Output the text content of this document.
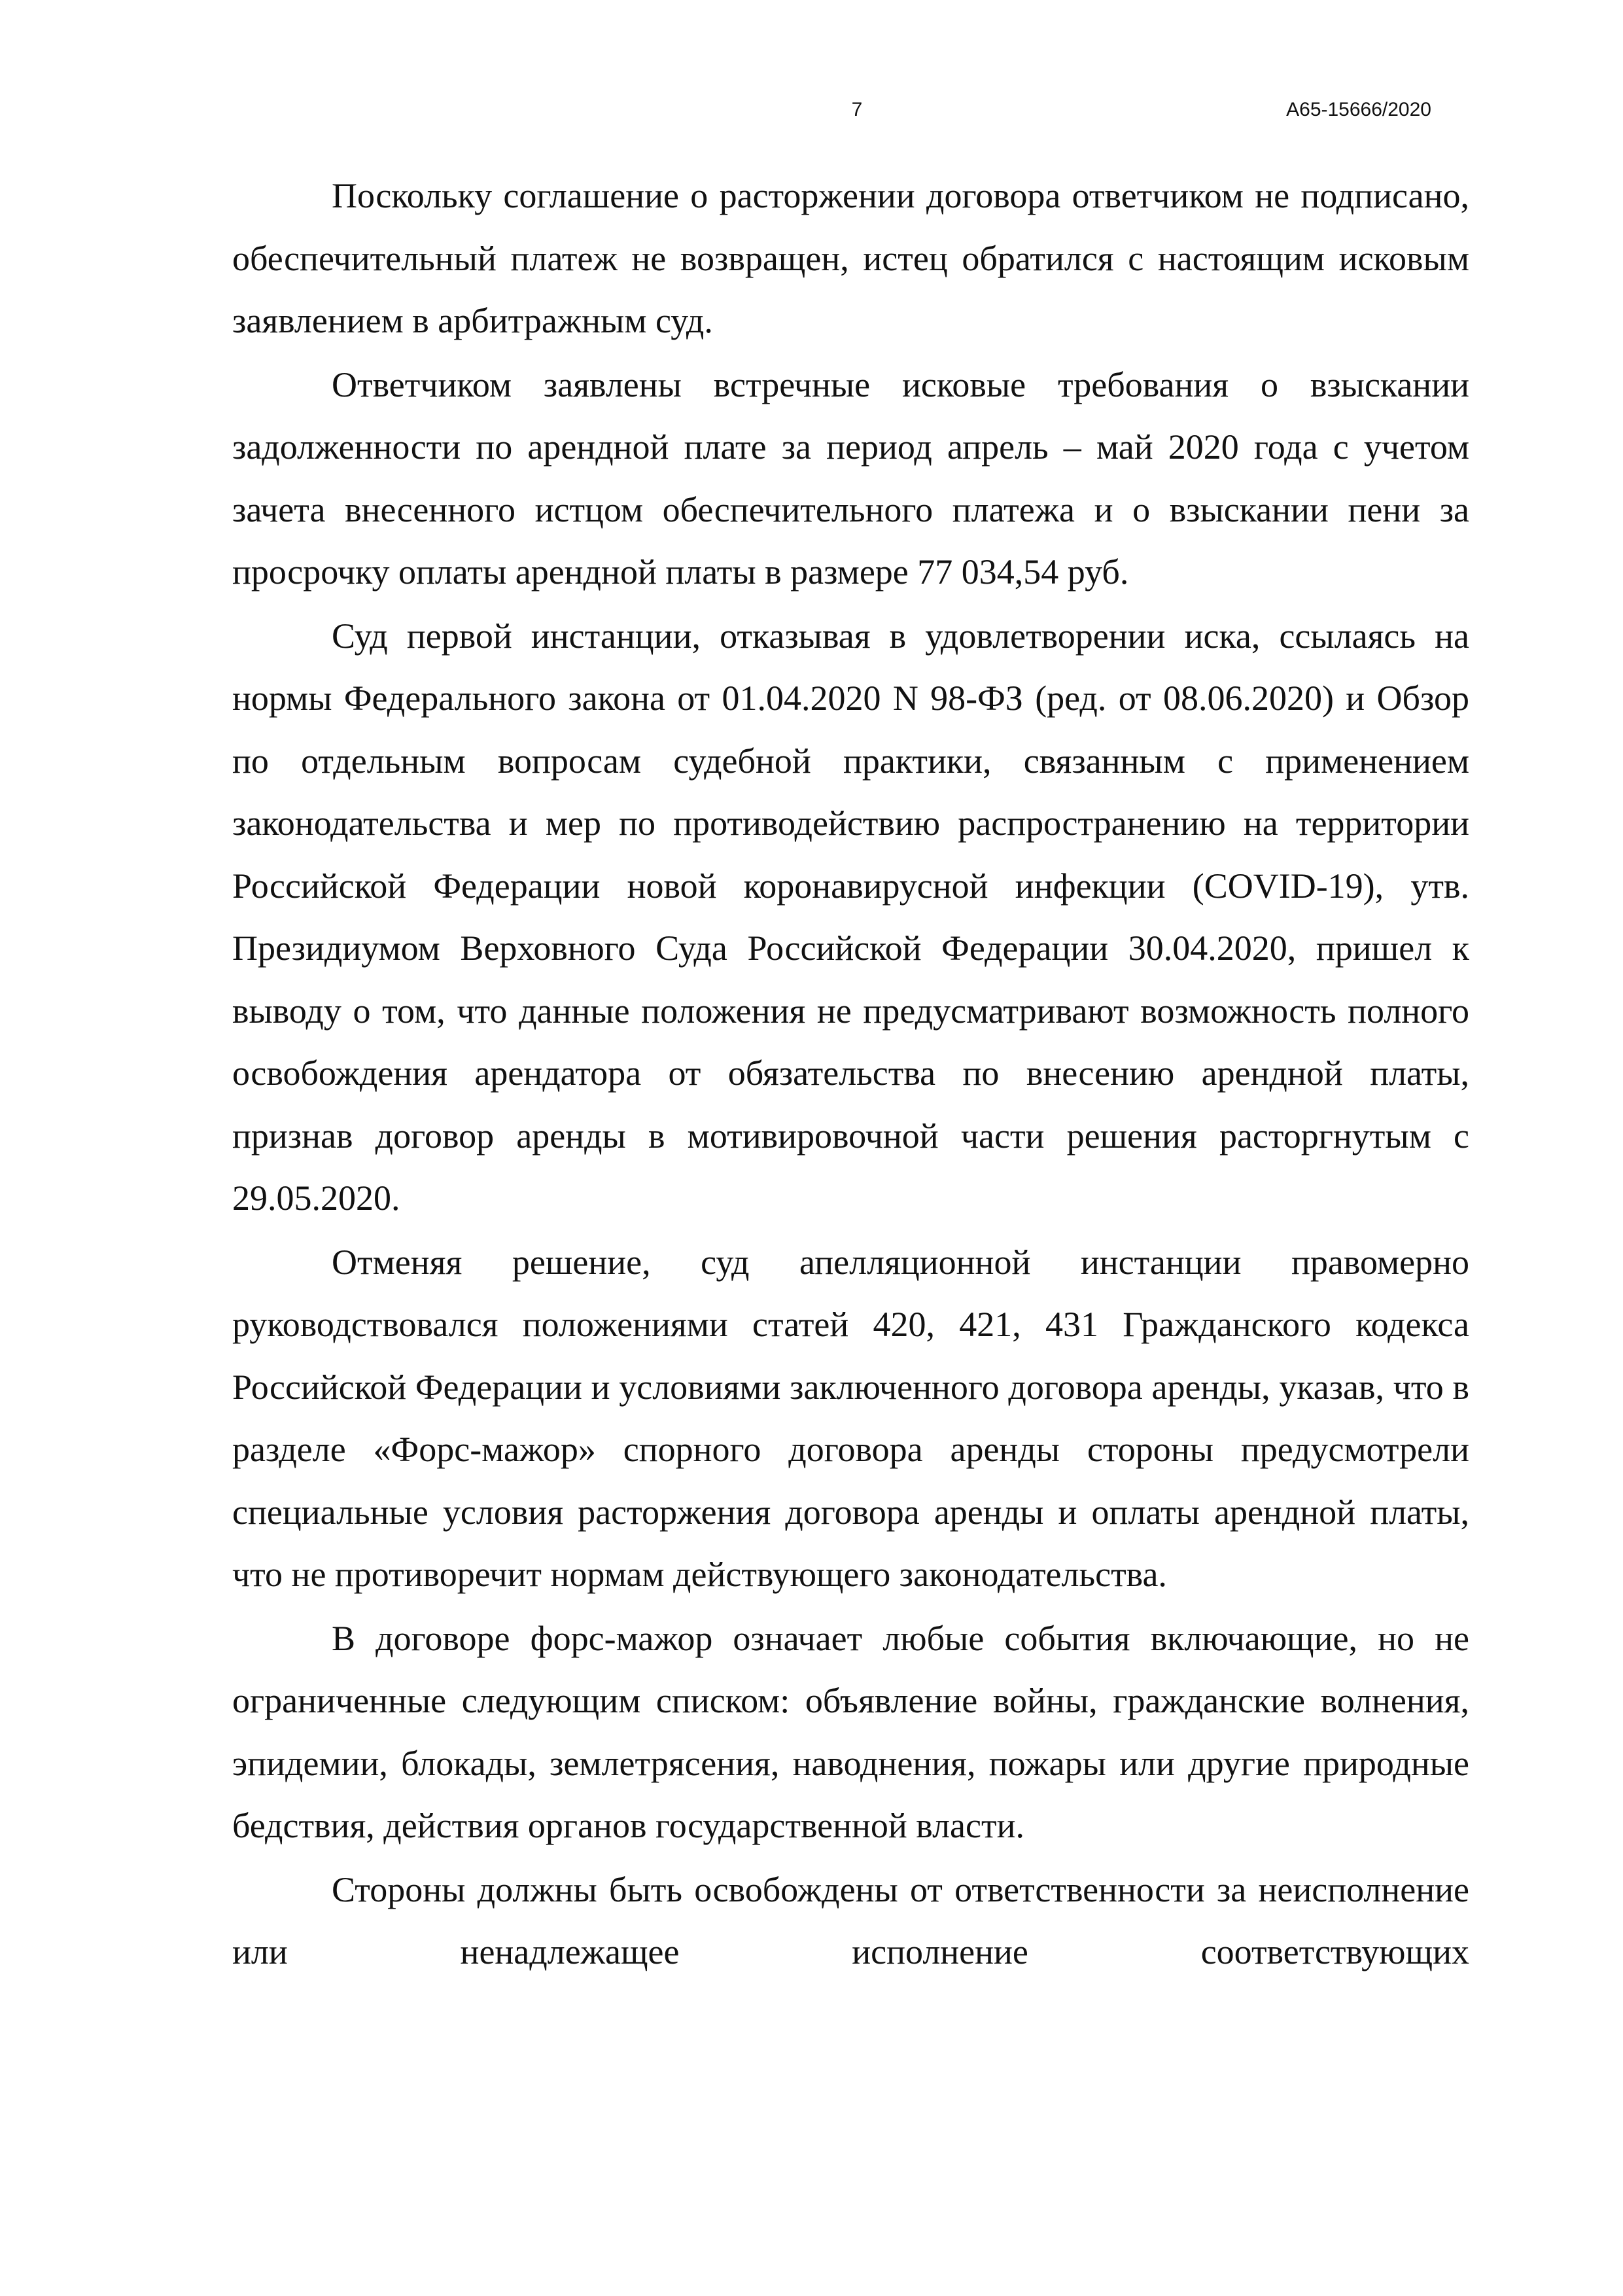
7	А65-15666/2020

Поскольку соглашение о расторжении договора ответчиком не подписано, обеспечительный платеж не возвращен, истец обратился с настоящим исковым заявлением в арбитражным суд.

Ответчиком заявлены встречные исковые требования о взыскании задолженности по арендной плате за период апрель – май 2020 года с учетом зачета внесенного истцом обеспечительного платежа и о взыскании пени за просрочку оплаты арендной платы в размере 77 034,54 руб.

Суд первой инстанции, отказывая в удовлетворении иска, ссылаясь на нормы Федерального закона от 01.04.2020 N 98-ФЗ (ред. от 08.06.2020) и Обзор по отдельным вопросам судебной практики, связанным с применением законодательства и мер по противодействию распространению на территории Российской Федерации новой коронавирусной инфекции (COVID-19), утв. Президиумом Верховного Суда Российской Федерации 30.04.2020, пришел к выводу о том, что данные положения не предусматривают возможность полного освобождения арендатора от обязательства по внесению арендной платы, признав договор аренды в мотивировочной части решения расторгнутым с 29.05.2020.

Отменяя решение, суд апелляционной инстанции правомерно руководствовался положениями статей 420, 421, 431 Гражданского кодекса Российской Федерации и условиями заключенного договора аренды, указав, что в разделе «Форс-мажор» спорного договора аренды стороны предусмотрели специальные условия расторжения договора аренды и оплаты арендной платы, что не противоречит нормам действующего законодательства.

В договоре форс-мажор означает любые события включающие, но не ограниченные следующим списком: объявление войны, гражданские волнения, эпидемии, блокады, землетрясения, наводнения, пожары или другие природные бедствия, действия органов государственной власти.

Стороны должны быть освобождены от ответственности за неисполнение или ненадлежащее исполнение соответствующих
